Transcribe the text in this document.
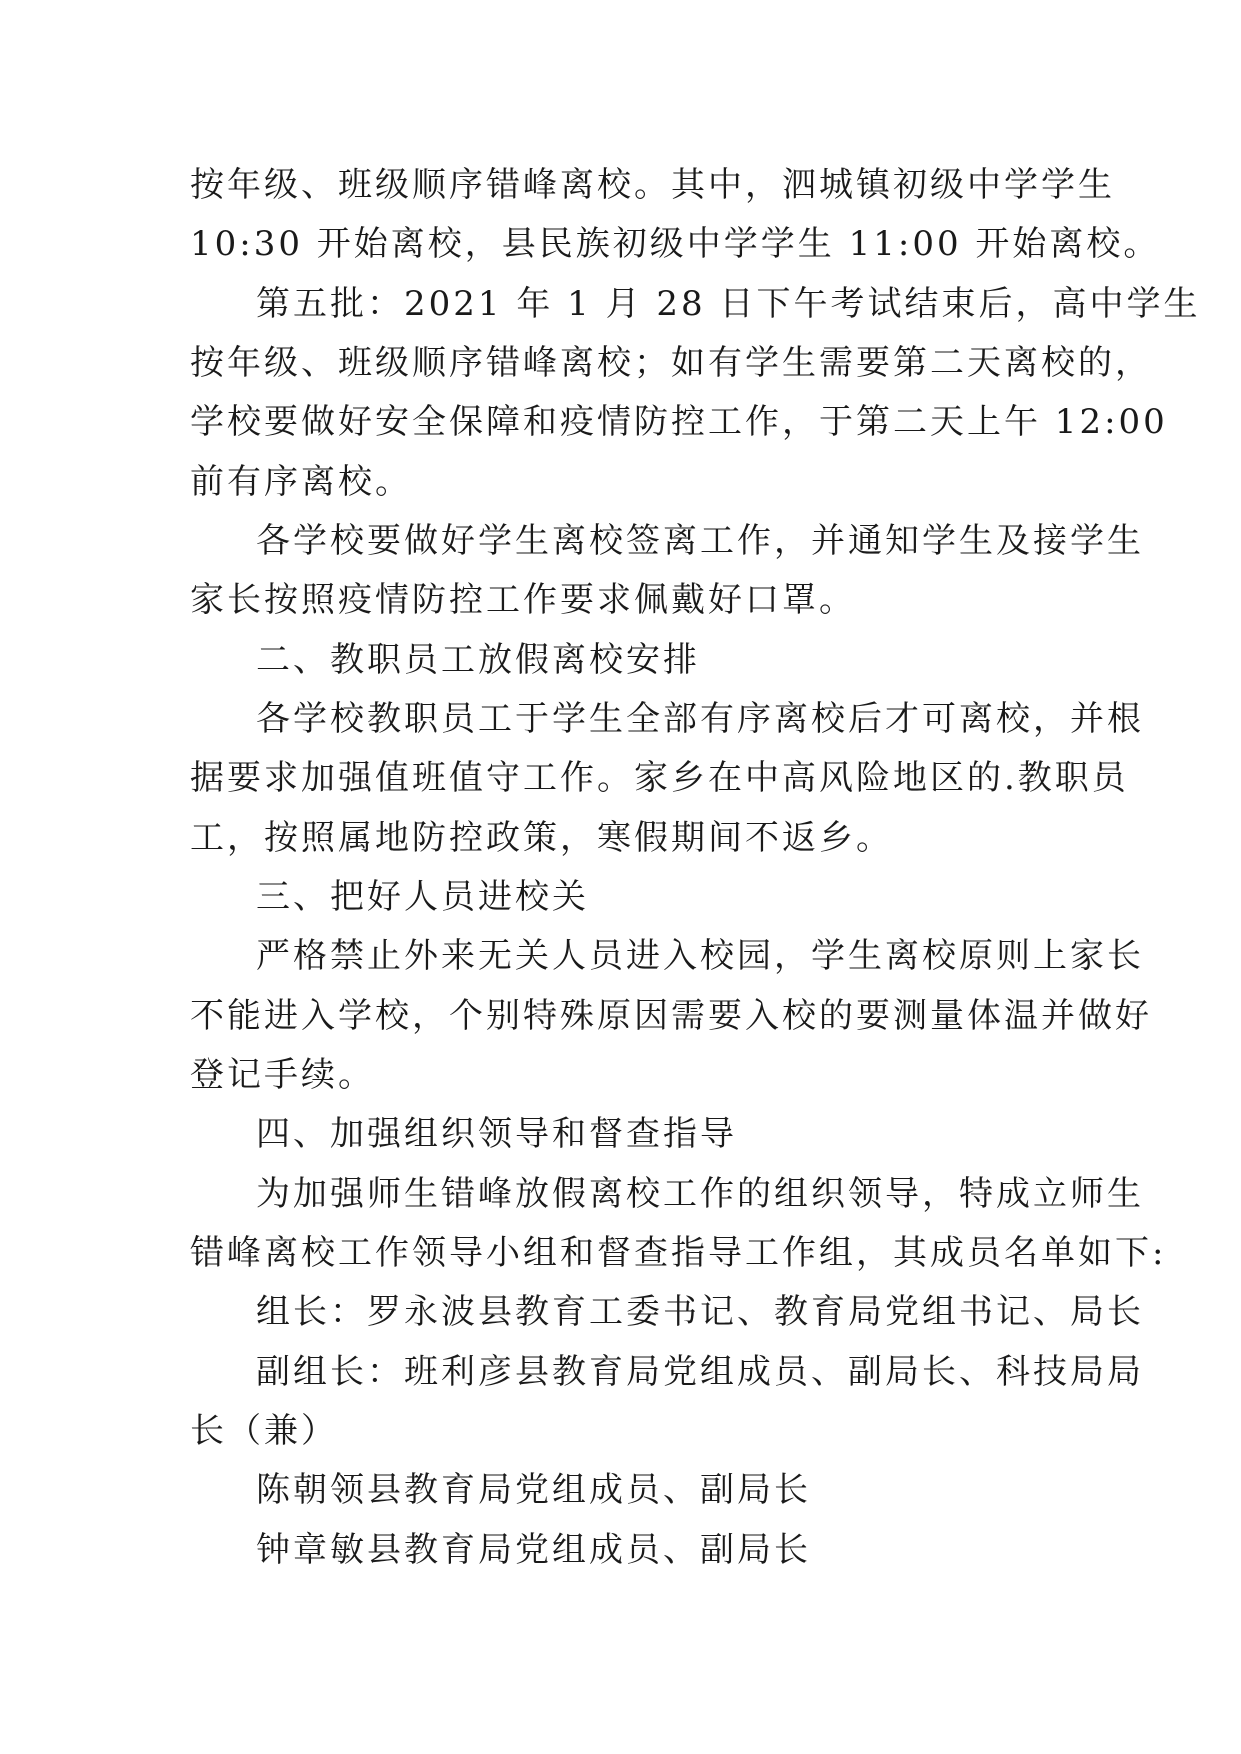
按年级、班级顺序错峰离校。其中，泗城镇初级中学学生
10:30 开始离校，县民族初级中学学生 11:00 开始离校。
第五批：2021 年 1 月 28 日下午考试结束后，高中学生
按年级、班级顺序错峰离校；如有学生需要第二天离校的，
学校要做好安全保障和疫情防控工作，于第二天上午 12:00
前有序离校。
各学校要做好学生离校签离工作，并通知学生及接学生
家长按照疫情防控工作要求佩戴好口罩。
二、教职员工放假离校安排
各学校教职员工于学生全部有序离校后才可离校，并根
据要求加强值班值守工作。家乡在中高风险地区的.教职员
工，按照属地防控政策，寒假期间不返乡。
三、把好人员进校关
严格禁止外来无关人员进入校园，学生离校原则上家长
不能进入学校，个别特殊原因需要入校的要测量体温并做好
登记手续。
四、加强组织领导和督查指导
为加强师生错峰放假离校工作的组织领导，特成立师生
错峰离校工作领导小组和督查指导工作组，其成员名单如下:
组长：罗永波县教育工委书记、教育局党组书记、局长
副组长：班利彦县教育局党组成员、副局长、科技局局
长（兼）
陈朝领县教育局党组成员、副局长
钟章敏县教育局党组成员、副局长
